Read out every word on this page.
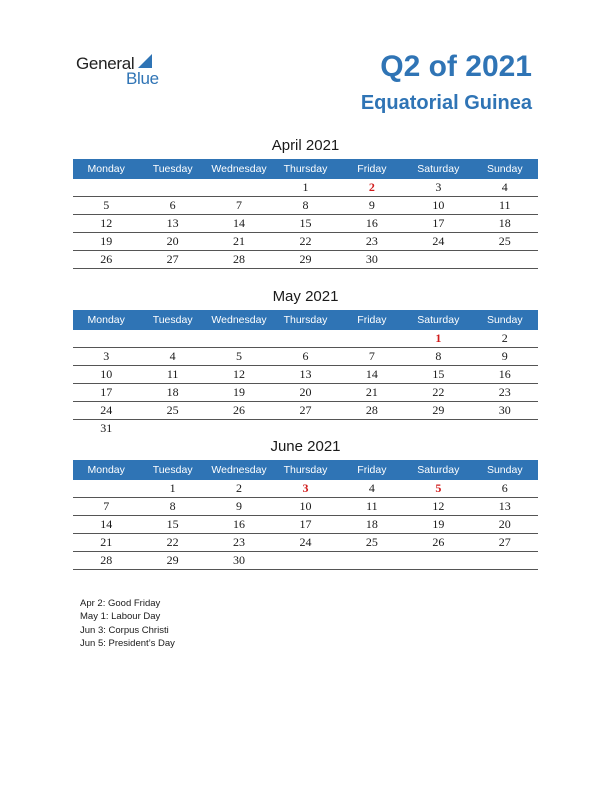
General
Blue	Q2 of 2021
Equatorial Guinea
April 2021
Monday	Tuesday	Wednesday	Thursday	Friday	Saturday	Sunday
			1	2	3	4
5	6	7	8	9	10	11
12	13	14	15	16	17	18
19	20	21	22	23	24	25
26	27	28	29	30		
May 2021
Monday	Tuesday	Wednesday	Thursday	Friday	Saturday	Sunday
					1	2
3	4	5	6	7	8	9
10	11	12	13	14	15	16
17	18	19	20	21	22	23
24	25	26	27	28	29	30
31						
June 2021
Monday	Tuesday	Wednesday	Thursday	Friday	Saturday	Sunday
	1	2	3	4	5	6
7	8	9	10	11	12	13
14	15	16	17	18	19	20
21	22	23	24	25	26	27
28	29	30				
Apr 2: Good Friday
May 1: Labour Day
Jun 3: Corpus Christi
Jun 5: President’s Day
